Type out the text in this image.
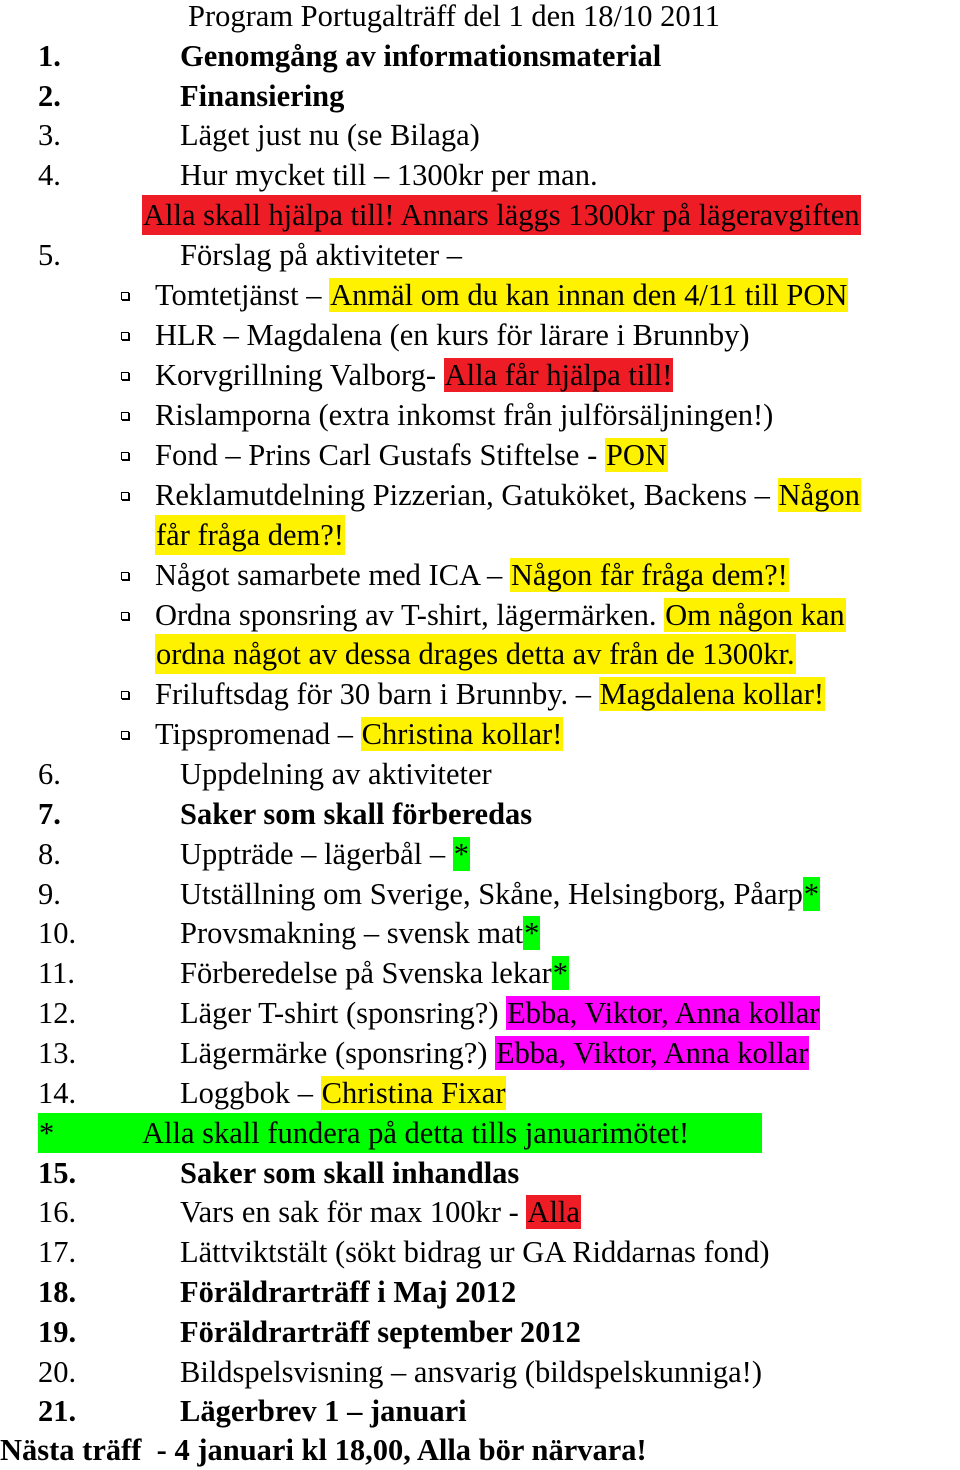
Program Portugalträff del 1 den 18/10 2011
1.	Genomgång av informationsmaterial
2.	Finansiering
3.	Läget just nu (se Bilaga)
4.	Hur mycket till – 1300kr per man.
Alla skall hjälpa till! Annars läggs 1300kr på lägeravgiften
5.	Förslag på aktiviteter –
Tomtetjänst – Anmäl om du kan innan den 4/11 till PON
HLR – Magdalena (en kurs för lärare i Brunnby)
Korvgrillning Valborg- Alla får hjälpa till!
Rislamporna (extra inkomst från julförsäljningen!)
Fond – Prins Carl Gustafs Stiftelse - PON
Reklamutdelning Pizzerian, Gatuköket, Backens – Någon
får fråga dem?!
Något samarbete med ICA – Någon får fråga dem?!
Ordna sponsring av T-shirt, lägermärken. Om någon kan
ordna något av dessa drages detta av från de 1300kr.
Friluftsdag för 30 barn i Brunnby. – Magdalena kollar!
Tipspromenad – Christina kollar!
6.	Uppdelning av aktiviteter
7.	Saker som skall förberedas
8.	Uppträde – lägerbål – *
9.	Utställning om Sverige, Skåne, Helsingborg, Påarp*
10.	Provsmakning – svensk mat*
11.	Förberedelse på Svenska lekar*
12.	Läger T-shirt (sponsring?) Ebba, Viktor, Anna kollar
13.	Lägermärke (sponsring?) Ebba, Viktor, Anna kollar
14.	Loggbok – Christina Fixar
*	Alla skall fundera på detta tills januarimötet!
15.	Saker som skall inhandlas
16.	Vars en sak för max 100kr - Alla
17.	Lättviktstält (sökt bidrag ur GA Riddarnas fond)
18.	Föräldrarträff i Maj 2012
19.	Föräldrarträff september 2012
20.	Bildspelsvisning – ansvarig (bildspelskunniga!)
21.	Lägerbrev 1 – januari
Nästa träff  - 4 januari kl 18,00, Alla bör närvara!
